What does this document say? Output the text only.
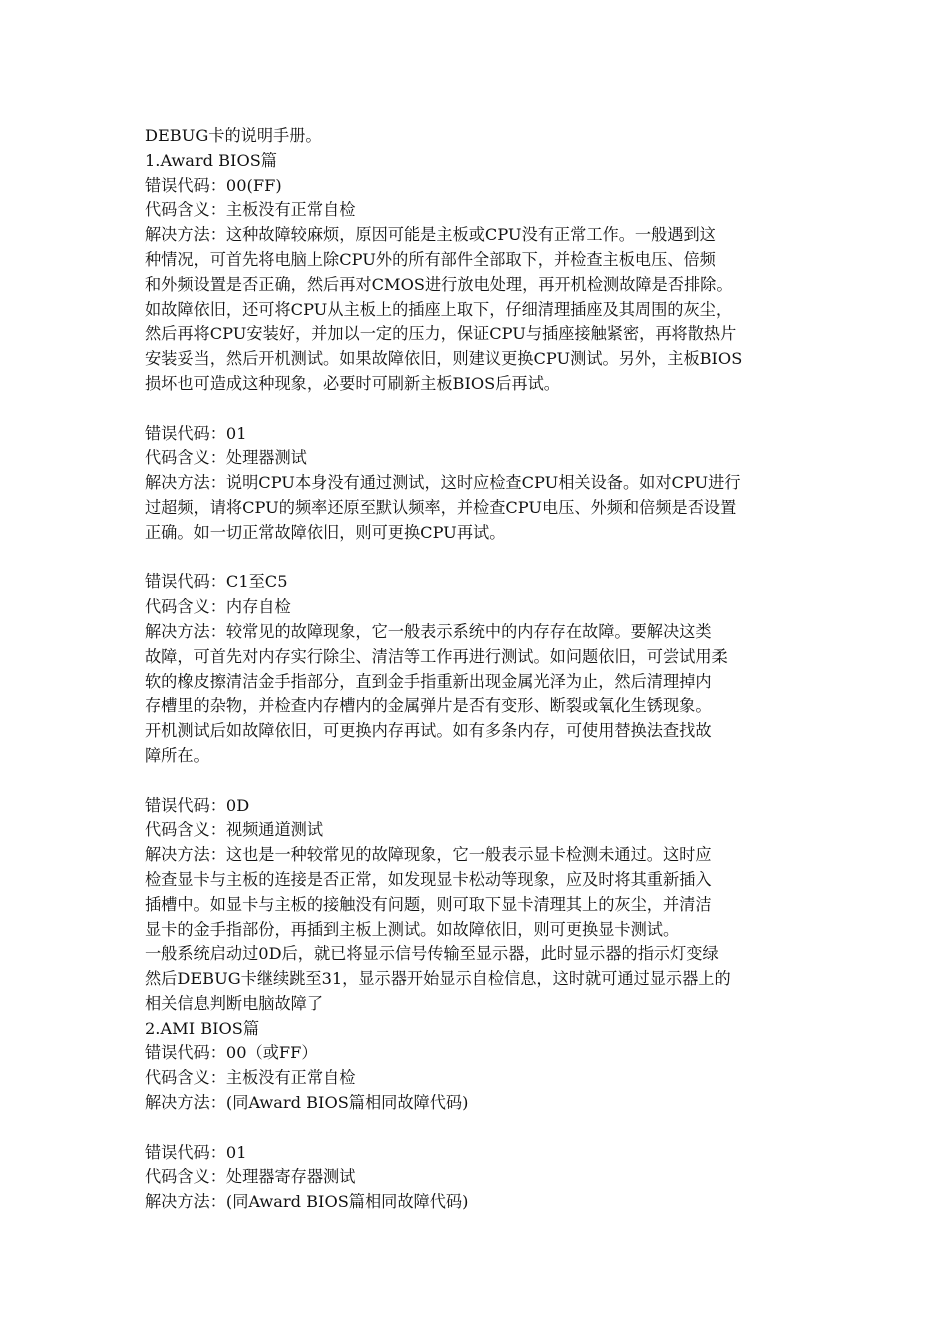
DEBUG卡的说明手册。
1.Award BIOS篇
错误代码：00(FF)
代码含义：主板没有正常自检
解决方法：这种故障较麻烦，原因可能是主板或CPU没有正常工作。一般遇到这
种情况，可首先将电脑上除CPU外的所有部件全部取下，并检查主板电压、倍频
和外频设置是否正确，然后再对CMOS进行放电处理，再开机检测故障是否排除。
如故障依旧，还可将CPU从主板上的插座上取下，仔细清理插座及其周围的灰尘，
然后再将CPU安装好，并加以一定的压力，保证CPU与插座接触紧密，再将散热片
安装妥当，然后开机测试。如果故障依旧，则建议更换CPU测试。另外，主板BIOS
损坏也可造成这种现象，必要时可刷新主板BIOS后再试。
错误代码：01
代码含义：处理器测试
解决方法：说明CPU本身没有通过测试，这时应检查CPU相关设备。如对CPU进行
过超频，请将CPU的频率还原至默认频率，并检查CPU电压、外频和倍频是否设置
正确。如一切正常故障依旧，则可更换CPU再试。
错误代码：C1至C5
代码含义：内存自检
解决方法：较常见的故障现象，它一般表示系统中的内存存在故障。要解决这类
故障，可首先对内存实行除尘、清洁等工作再进行测试。如问题依旧，可尝试用柔
软的橡皮擦清洁金手指部分，直到金手指重新出现金属光泽为止，然后清理掉内
存槽里的杂物，并检查内存槽内的金属弹片是否有变形、断裂或氧化生锈现象。
开机测试后如故障依旧，可更换内存再试。如有多条内存，可使用替换法查找故
障所在。
错误代码：0D
代码含义：视频通道测试
解决方法：这也是一种较常见的故障现象，它一般表示显卡检测未通过。这时应
检查显卡与主板的连接是否正常，如发现显卡松动等现象，应及时将其重新插入
插槽中。如显卡与主板的接触没有问题，则可取下显卡清理其上的灰尘，并清洁
显卡的金手指部份，再插到主板上测试。如故障依旧，则可更换显卡测试。
一般系统启动过0D后，就已将显示信号传输至显示器，此时显示器的指示灯变绿
然后DEBUG卡继续跳至31，显示器开始显示自检信息，这时就可通过显示器上的
相关信息判断电脑故障了
2.AMI BIOS篇
错误代码：00（或FF）
代码含义：主板没有正常自检
解决方法：(同Award BIOS篇相同故障代码)
错误代码：01
代码含义：处理器寄存器测试
解决方法：(同Award BIOS篇相同故障代码)
